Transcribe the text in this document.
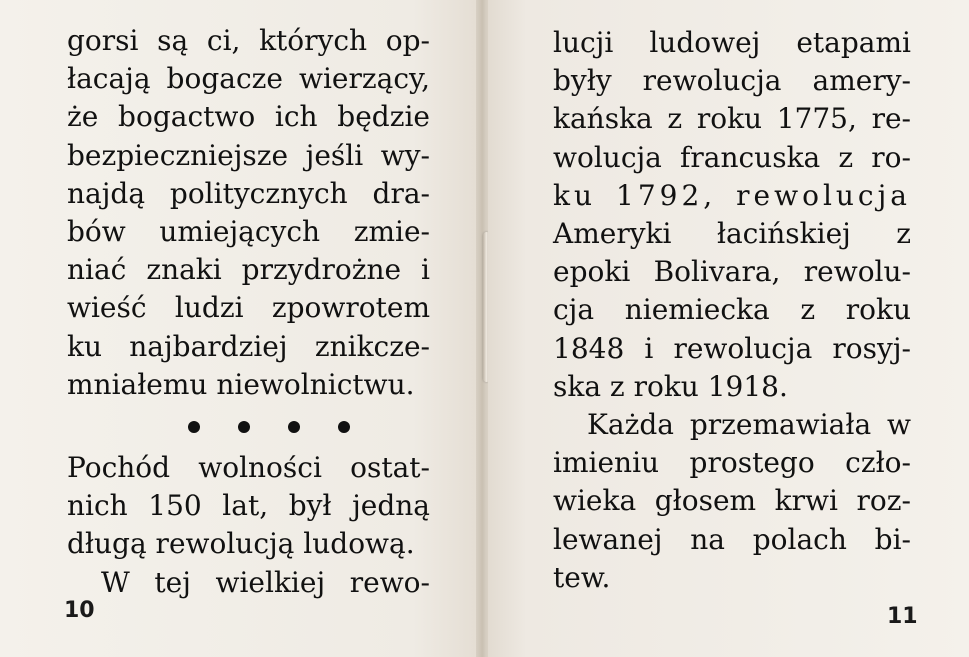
gorsi są ci, których op-
łacają bogacze wierzący,
że bogactwo ich będzie
bezpieczniejsze jeśli wy-
najdą politycznych dra-
bów umiejących zmie-
niać znaki przydrożne i
wieść ludzi zpowrotem
ku najbardziej znikcze-
mniałemu niewolnictwu.
Pochód wolności ostat-
nich 150 lat, był jedną
długą rewolucją ludową.
W tej wielkiej rewo-
10
lucji ludowej etapami
były rewolucja amery-
kańska z roku 1775, re-
wolucja francuska z ro-
ku 1792, rewolucja
Ameryki łacińskiej z
epoki Bolivara, rewolu-
cja niemiecka z roku
1848 i rewolucja rosyj-
ska z roku 1918.
Każda przemawiała w
imieniu prostego czło-
wieka głosem krwi roz-
lewanej na polach bi-
tew.
11
